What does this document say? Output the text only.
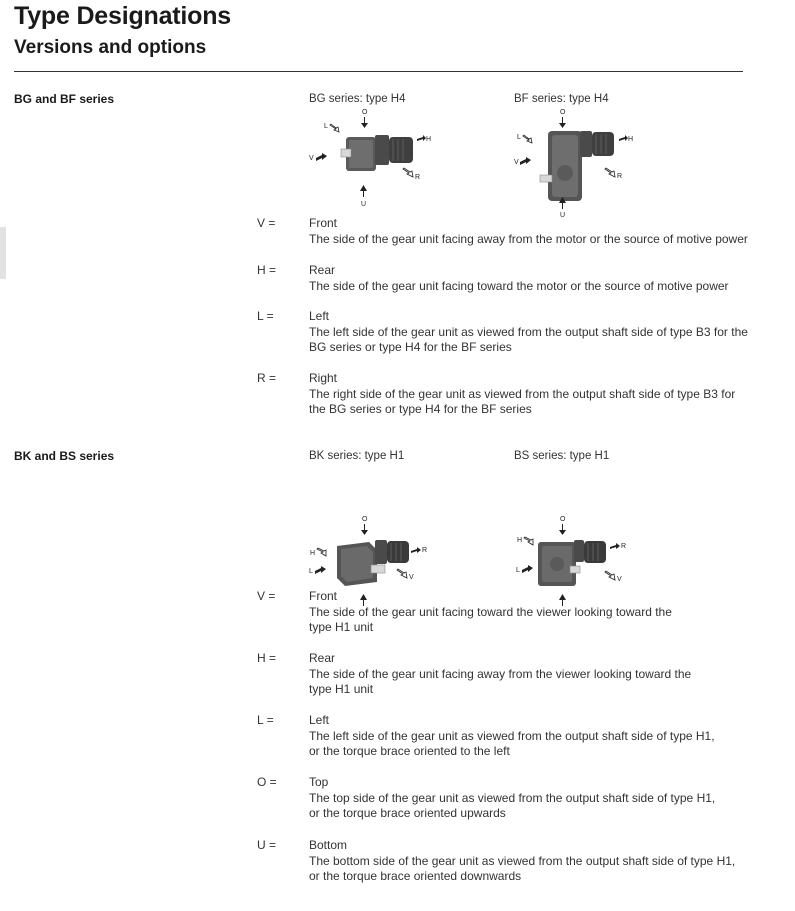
Type Designations
Versions and options
BG and BF series	BG series: type H4	BF series: type H4
O
L
H
V
R
U
O
L	H
V
R
U
V =	Front
The side of the gear unit facing away from the motor or the source of motive power
H =	Rear
The side of the gear unit facing toward the motor or the source of motive power
L =	Left
The left side of the gear unit as viewed from the output shaft side of type B3 for the
BG series or type H4 for the BF series
R =	Right
The right side of the gear unit as viewed from the output shaft side of type B3 for
the BG series or type H4 for the BF series
BK and BS series	BK series: type H1	BS series: type H1
O
H	R
L
V
O
H
R
L
V
V =	Front
The side of the gear unit facing toward the viewer looking toward the
type H1 unit
H =	Rear
The side of the gear unit facing away from the viewer looking toward the
type H1 unit
L =	Left
The left side of the gear unit as viewed from the output shaft side of type H1,
or the torque brace oriented to the left
O =	Top
The top side of the gear unit as viewed from the output shaft side of type H1,
or the torque brace oriented upwards
U =	Bottom
The bottom side of the gear unit as viewed from the output shaft side of type H1,
or the torque brace oriented downwards
